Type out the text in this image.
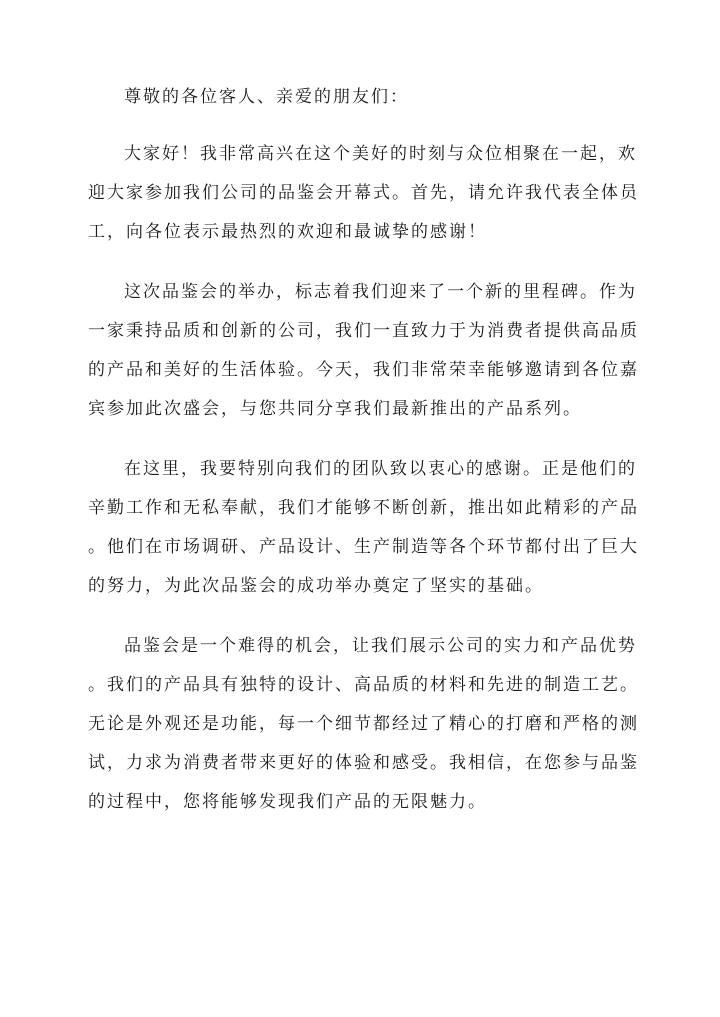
尊敬的各位客人、亲爱的朋友们：

大家好！我非常高兴在这个美好的时刻与众位相聚在一起，欢
迎大家参加我们公司的品鉴会开幕式。首先，请允许我代表全体员
工，向各位表示最热烈的欢迎和最诚挚的感谢！
这次品鉴会的举办，标志着我们迎来了一个新的里程碑。作为
一家秉持品质和创新的公司，我们一直致力于为消费者提供高品质
的产品和美好的生活体验。今天，我们非常荣幸能够邀请到各位嘉
宾参加此次盛会，与您共同分享我们最新推出的产品系列。
在这里，我要特别向我们的团队致以衷心的感谢。正是他们的
辛勤工作和无私奉献，我们才能够不断创新，推出如此精彩的产品
。他们在市场调研、产品设计、生产制造等各个环节都付出了巨大
的努力，为此次品鉴会的成功举办奠定了坚实的基础。
品鉴会是一个难得的机会，让我们展示公司的实力和产品优势
。我们的产品具有独特的设计、高品质的材料和先进的制造工艺。
无论是外观还是功能，每一个细节都经过了精心的打磨和严格的测
试，力求为消费者带来更好的体验和感受。我相信，在您参与品鉴
的过程中，您将能够发现我们产品的无限魅力。
